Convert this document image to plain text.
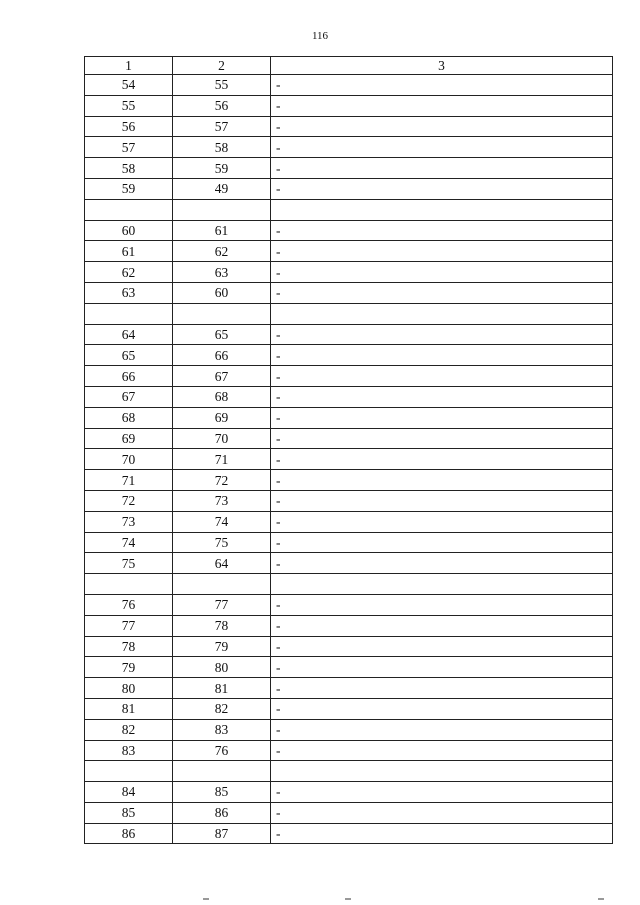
116
1	2	3
54	55	-
55	56	-
56	57	-
57	58	-
58	59	-
59	49	-

60	61	-
61	62	-
62	63	-
63	60	-

64	65	-
65	66	-
66	67	-
67	68	-
68	69	-
69	70	-
70	71	-
71	72	-
72	73	-
73	74	-
74	75	-
75	64	-

76	77	-
77	78	-
78	79	-
79	80	-
80	81	-
81	82	-
82	83	-
83	76	-

84	85	-
85	86	-
86	87	-
